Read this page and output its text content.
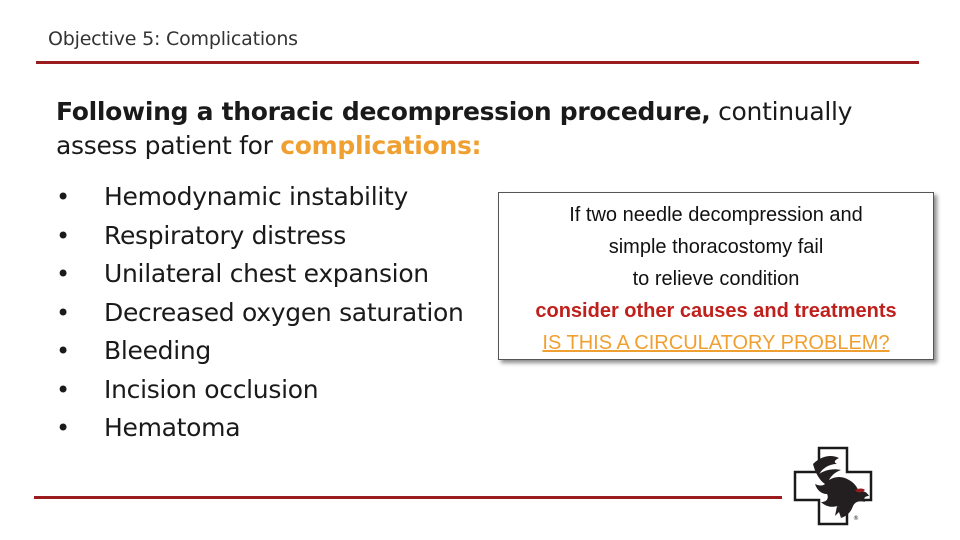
Objective 5: Complications
Following a thoracic decompression procedure, continually assess patient for complications:
• Hemodynamic instability
• Respiratory distress
• Unilateral chest expansion
• Decreased oxygen saturation
• Bleeding
• Incision occlusion
• Hematoma
If two needle decompression and
simple thoracostomy fail
to relieve condition
consider other causes and treatments
IS THIS A CIRCULATORY PROBLEM?
®
